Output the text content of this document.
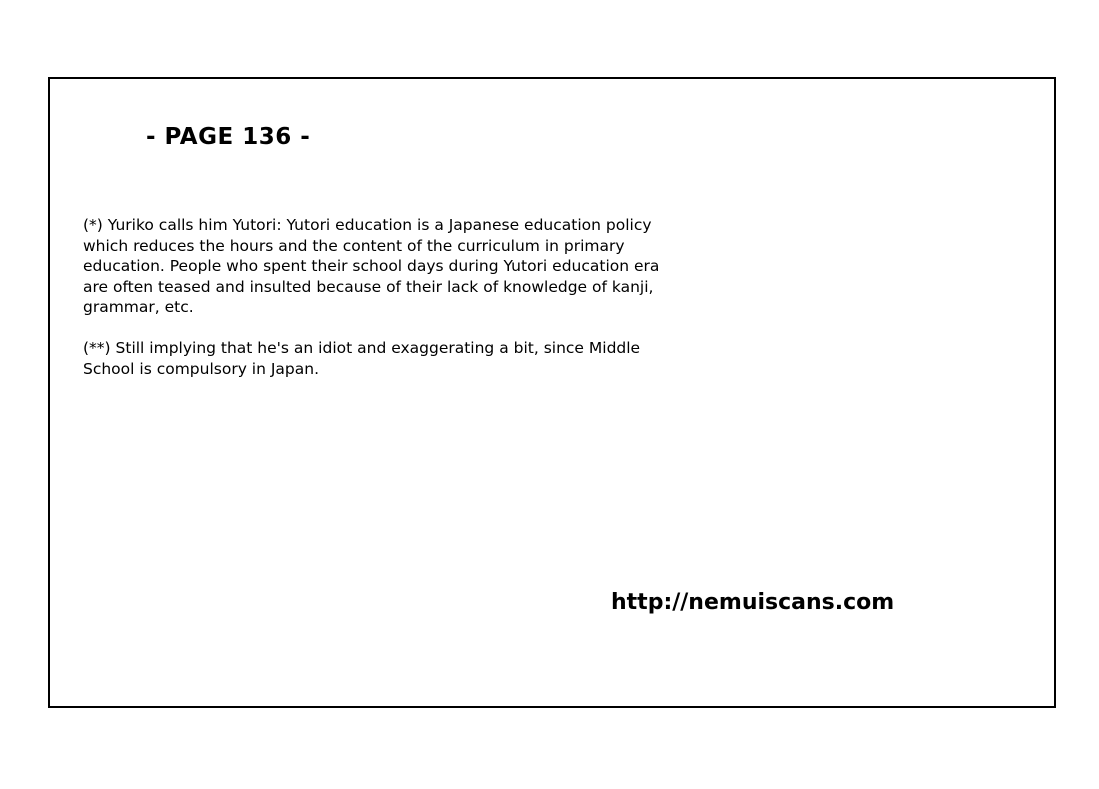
- PAGE 136 -

(*) Yuriko calls him Yutori: Yutori education is a Japanese education policy which reduces the hours and the content of the curriculum in primary education. People who spent their school days during Yutori education era are often teased and insulted because of their lack of knowledge of kanji, grammar, etc.

(**) Still implying that he's an idiot and exaggerating a bit, since Middle School is compulsory in Japan.

http://nemuiscans.com
